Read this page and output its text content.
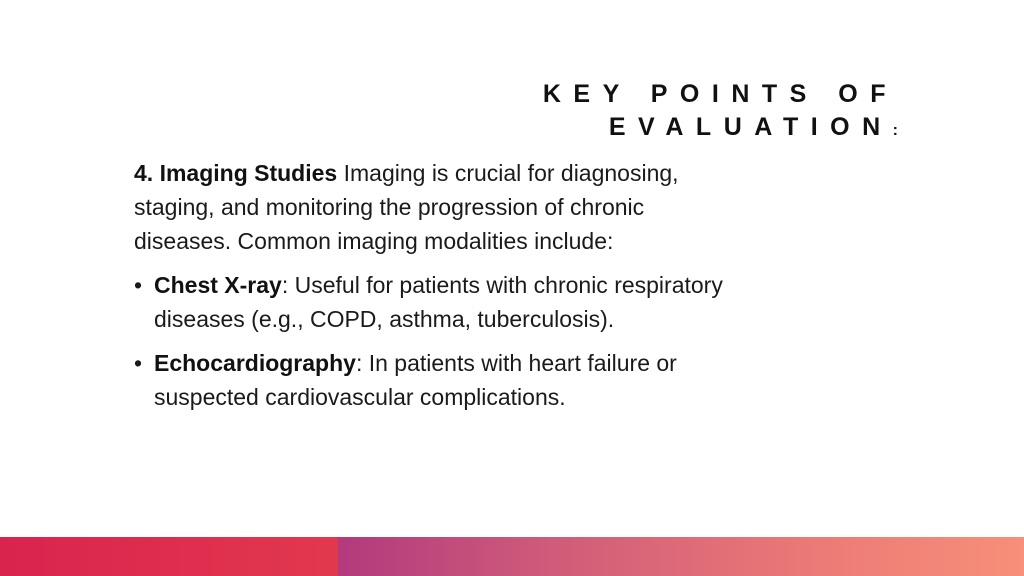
KEY POINTS OF
EVALUATION:

4. Imaging Studies Imaging is crucial for diagnosing, staging, and monitoring the progression of chronic diseases. Common imaging modalities include:

• Chest X-ray: Useful for patients with chronic respiratory diseases (e.g., COPD, asthma, tuberculosis).
• Echocardiography: In patients with heart failure or suspected cardiovascular complications.
